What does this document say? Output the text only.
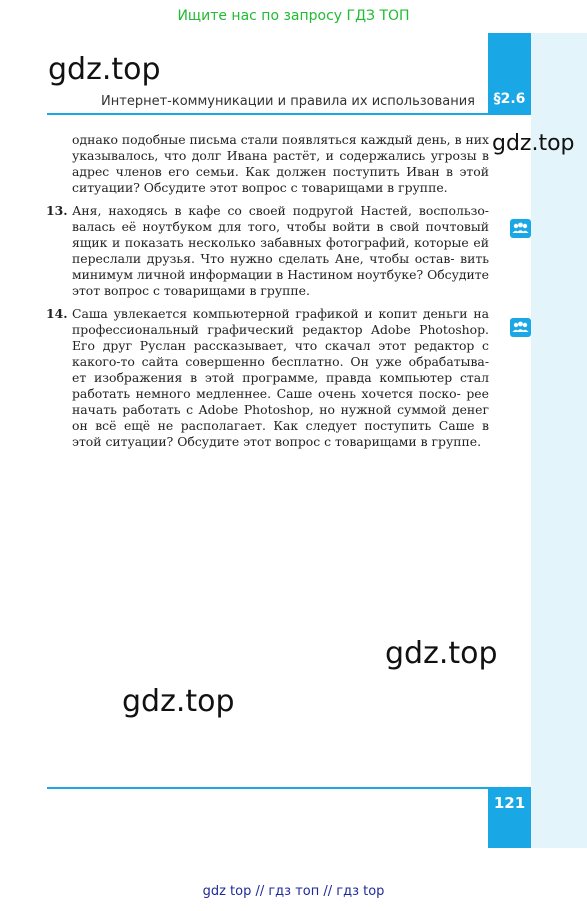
Ищите нас по запросу ГДЗ ТОП
§2.6
Интернет-коммуникации и правила их использования
gdz.top
gdz.top

однако подобные письма стали появляться каждый день, в них указывалось, что долг Ивана растёт, и содержались угрозы в адрес членов его семьи. Как должен поступить Иван в этой ситуации? Обсудите этот вопрос с товарищами в группе.

13. Аня, находясь в кафе со своей подругой Настей, воспользо- валась её ноутбуком для того, чтобы войти в свой почтовый ящик и показать несколько забавных фотографий, которые ей переслали друзья. Что нужно сделать Ане, чтобы остав- вить минимум личной информации в Настином ноутбуке? Обсудите этот вопрос с товарищами в группе.

14. Саша увлекается компьютерной графикой и копит деньги на профессиональный графический редактор Adobe Photoshop. Его друг Руслан рассказывает, что скачал этот редактор с какого-то сайта совершенно бесплатно. Он уже обрабатыва- ет изображения в этой программе, правда компьютер стал работать немного медленнее. Саше очень хочется поско- рее начать работать с Adobe Photoshop, но нужной суммой денег он всё ещё не располагает. Как следует поступить Саше в этой ситуации? Обсудите этот вопрос с товарищами в группе.

gdz.top
gdz.top
121
gdz top // гдз топ // гдз top
